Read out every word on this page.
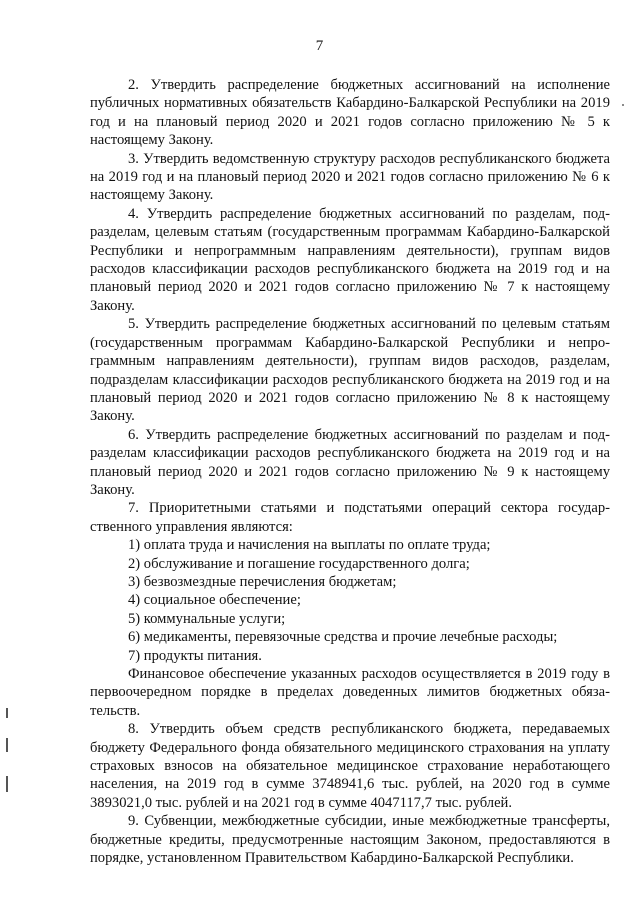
7

2. Утвердить распределение бюджетных ассигнований на исполнение публичных нормативных обязательств Кабардино-Балкарской Республики на 2019 год и на плановый период 2020 и 2021 годов согласно приложению № 5 к настоящему Закону.

3. Утвердить ведомственную структуру расходов республиканского бюджета на 2019 год и на плановый период 2020 и 2021 годов согласно приложению № 6 к настоящему Закону.

4. Утвердить распределение бюджетных ассигнований по разделам, подразделам, целевым статьям (государственным программам Кабардино-Балкарской Республики и непрограммным направлениям деятельности), группам видов расходов классификации расходов республиканского бюджета на 2019 год и на плановый период 2020 и 2021 годов согласно приложению № 7 к настоящему Закону.

5. Утвердить распределение бюджетных ассигнований по целевым статьям (государственным программам Кабардино-Балкарской Республики и непрограммным направлениям деятельности), группам видов расходов, разделам, подразделам классификации расходов республиканского бюджета на 2019 год и на плановый период 2020 и 2021 годов согласно приложению № 8 к настоящему Закону.

6. Утвердить распределение бюджетных ассигнований по разделам и подразделам классификации расходов республиканского бюджета на 2019 год и на плановый период 2020 и 2021 годов согласно приложению № 9 к настоящему Закону.

7. Приоритетными статьями и подстатьями операций сектора государственного управления являются:

1) оплата труда и начисления на выплаты по оплате труда;

2) обслуживание и погашение государственного долга;

3) безвозмездные перечисления бюджетам;

4) социальное обеспечение;

5) коммунальные услуги;

6) медикаменты, перевязочные средства и прочие лечебные расходы;

7) продукты питания.

Финансовое обеспечение указанных расходов осуществляется в 2019 году в первоочередном порядке в пределах доведенных лимитов бюджетных обязательств.

8. Утвердить объем средств республиканского бюджета, передаваемых бюджету Федерального фонда обязательного медицинского страхования на уплату страховых взносов на обязательное медицинское страхование неработающего населения, на 2019 год в сумме 3748941,6 тыс. рублей, на 2020 год в сумме 3893021,0 тыс. рублей и на 2021 год в сумме 4047117,7 тыс. рублей.

9. Субвенции, межбюджетные субсидии, иные межбюджетные трансферты, бюджетные кредиты, предусмотренные настоящим Законом, предоставляются в порядке, установленном Правительством Кабардино-Балкарской Республики.
